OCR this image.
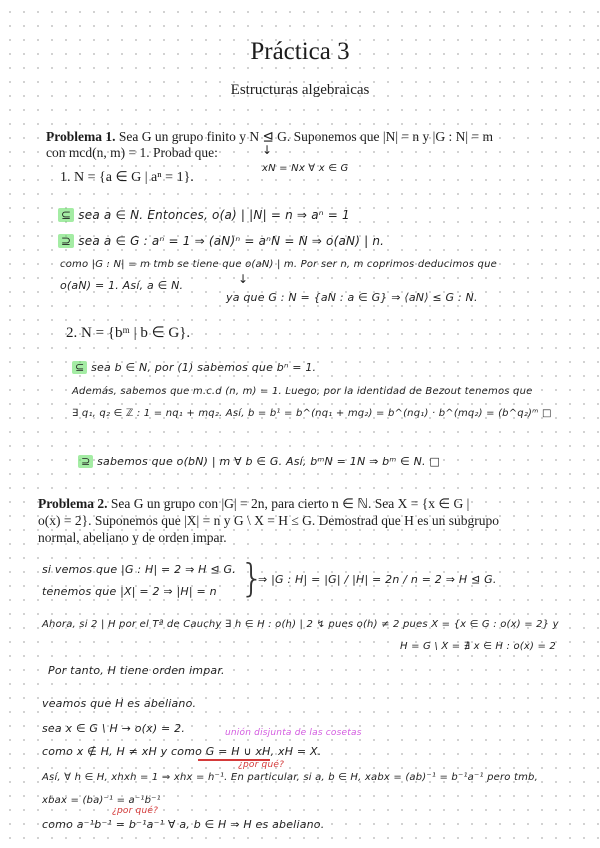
Práctica 3
Estructuras algebraicas
Problema 1. Sea G un grupo finito y N ⊴ G. Suponemos que |N| = n y |G : N| = m
con mcd(n, m) = 1. Probad que:	↓
xN = Nx ∀ x ∈ G
1. N = {a ∈ G | aⁿ = 1}.
⊆ sea a ∈ N. Entonces, o(a) | |N| = n ⇒ aⁿ = 1
⊇ sea a ∈ G : aⁿ = 1 ⇒ (aN)ⁿ = aⁿN = N ⇒ o(aN) | n.
como |G : N| = m tmb se tiene que o(aN) | m. Por ser n, m coprimos deducimos que
o(aN) = 1. Así, a ∈ N.	↓
ya que G : N = {aN : a ∈ G} ⇒ ⟨aN⟩ ≤ G : N.
2. N = {bᵐ | b ∈ G}.
⊆ sea b ∈ N, por (1) sabemos que bⁿ = 1.
Además, sabemos que m.c.d (n, m) = 1. Luego, por la identidad de Bezout tenemos que
∃ q₁, q₂ ∈ ℤ : 1 = nq₁ + mq₂. Así, b = b¹ = b^(nq₁ + mq₂) = b^(nq₁) · b^(mq₂) = (b^q₂)ᵐ □
⊇ sabemos que o(bN) | m ∀ b ∈ G. Así, bᵐN = 1N ⇒ bᵐ ∈ N. □
Problema 2. Sea G un grupo con |G| = 2n, para cierto n ∈ ℕ. Sea X = {x ∈ G |
o(x) = 2}. Suponemos que |X| = n y G \ X = H ≤ G. Demostrad que H es un subgrupo
normal, abeliano y de orden impar.
si vemos que |G : H| = 2 ⇒ H ⊴ G.
tenemos que |X| = 2 ⇒ |H| = n }
⇒ |G : H| = |G| / |H| = 2n / n = 2 ⇒ H ⊴ G.
Ahora, si 2 | H por el Tª de Cauchy ∃ h ∈ H : o(h) | 2 ↯ pues o(h) ≠ 2 pues X = {x ∈ G : o(x) = 2} y
H = G \ X = ∄ x ∈ H : o(x) = 2
Por tanto, H tiene orden impar.
veamos que H es abeliano.
sea x ∈ G \ H → o(x) = 2.	unión disjunta de las cosetas
como x ∉ H, H ≠ xH y como G = H ∪ xH, xH = X.
¿por qué?
Así, ∀ h ∈ H, xhxh = 1 ⇒ xhx = h⁻¹. En particular, si a, b ∈ H, xabx = (ab)⁻¹ = b⁻¹a⁻¹ pero tmb,
xbax = (ba)⁻¹ = a⁻¹b⁻¹
¿por qué?
como a⁻¹b⁻¹ = b⁻¹a⁻¹ ∀ a, b ∈ H ⇒ H es abeliano.
